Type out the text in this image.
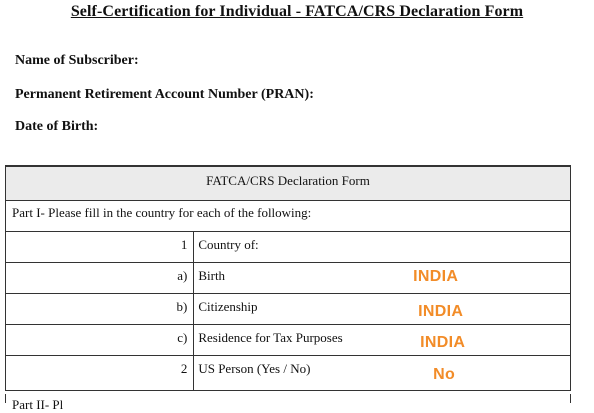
Self-Certification for Individual - FATCA/CRS Declaration Form
Name of Subscriber:
Permanent Retirement Account Number (PRAN):
Date of Birth:
FATCA/CRS Declaration Form		
Part I- Please fill in the country for each of the following:		
1	Country of:	
a)	Birth	INDIA

b)	Citizenship	INDIA

c)	Residence for Tax Purposes	INDIA

2	US Person (Yes / No)	No
Part II- Pl
